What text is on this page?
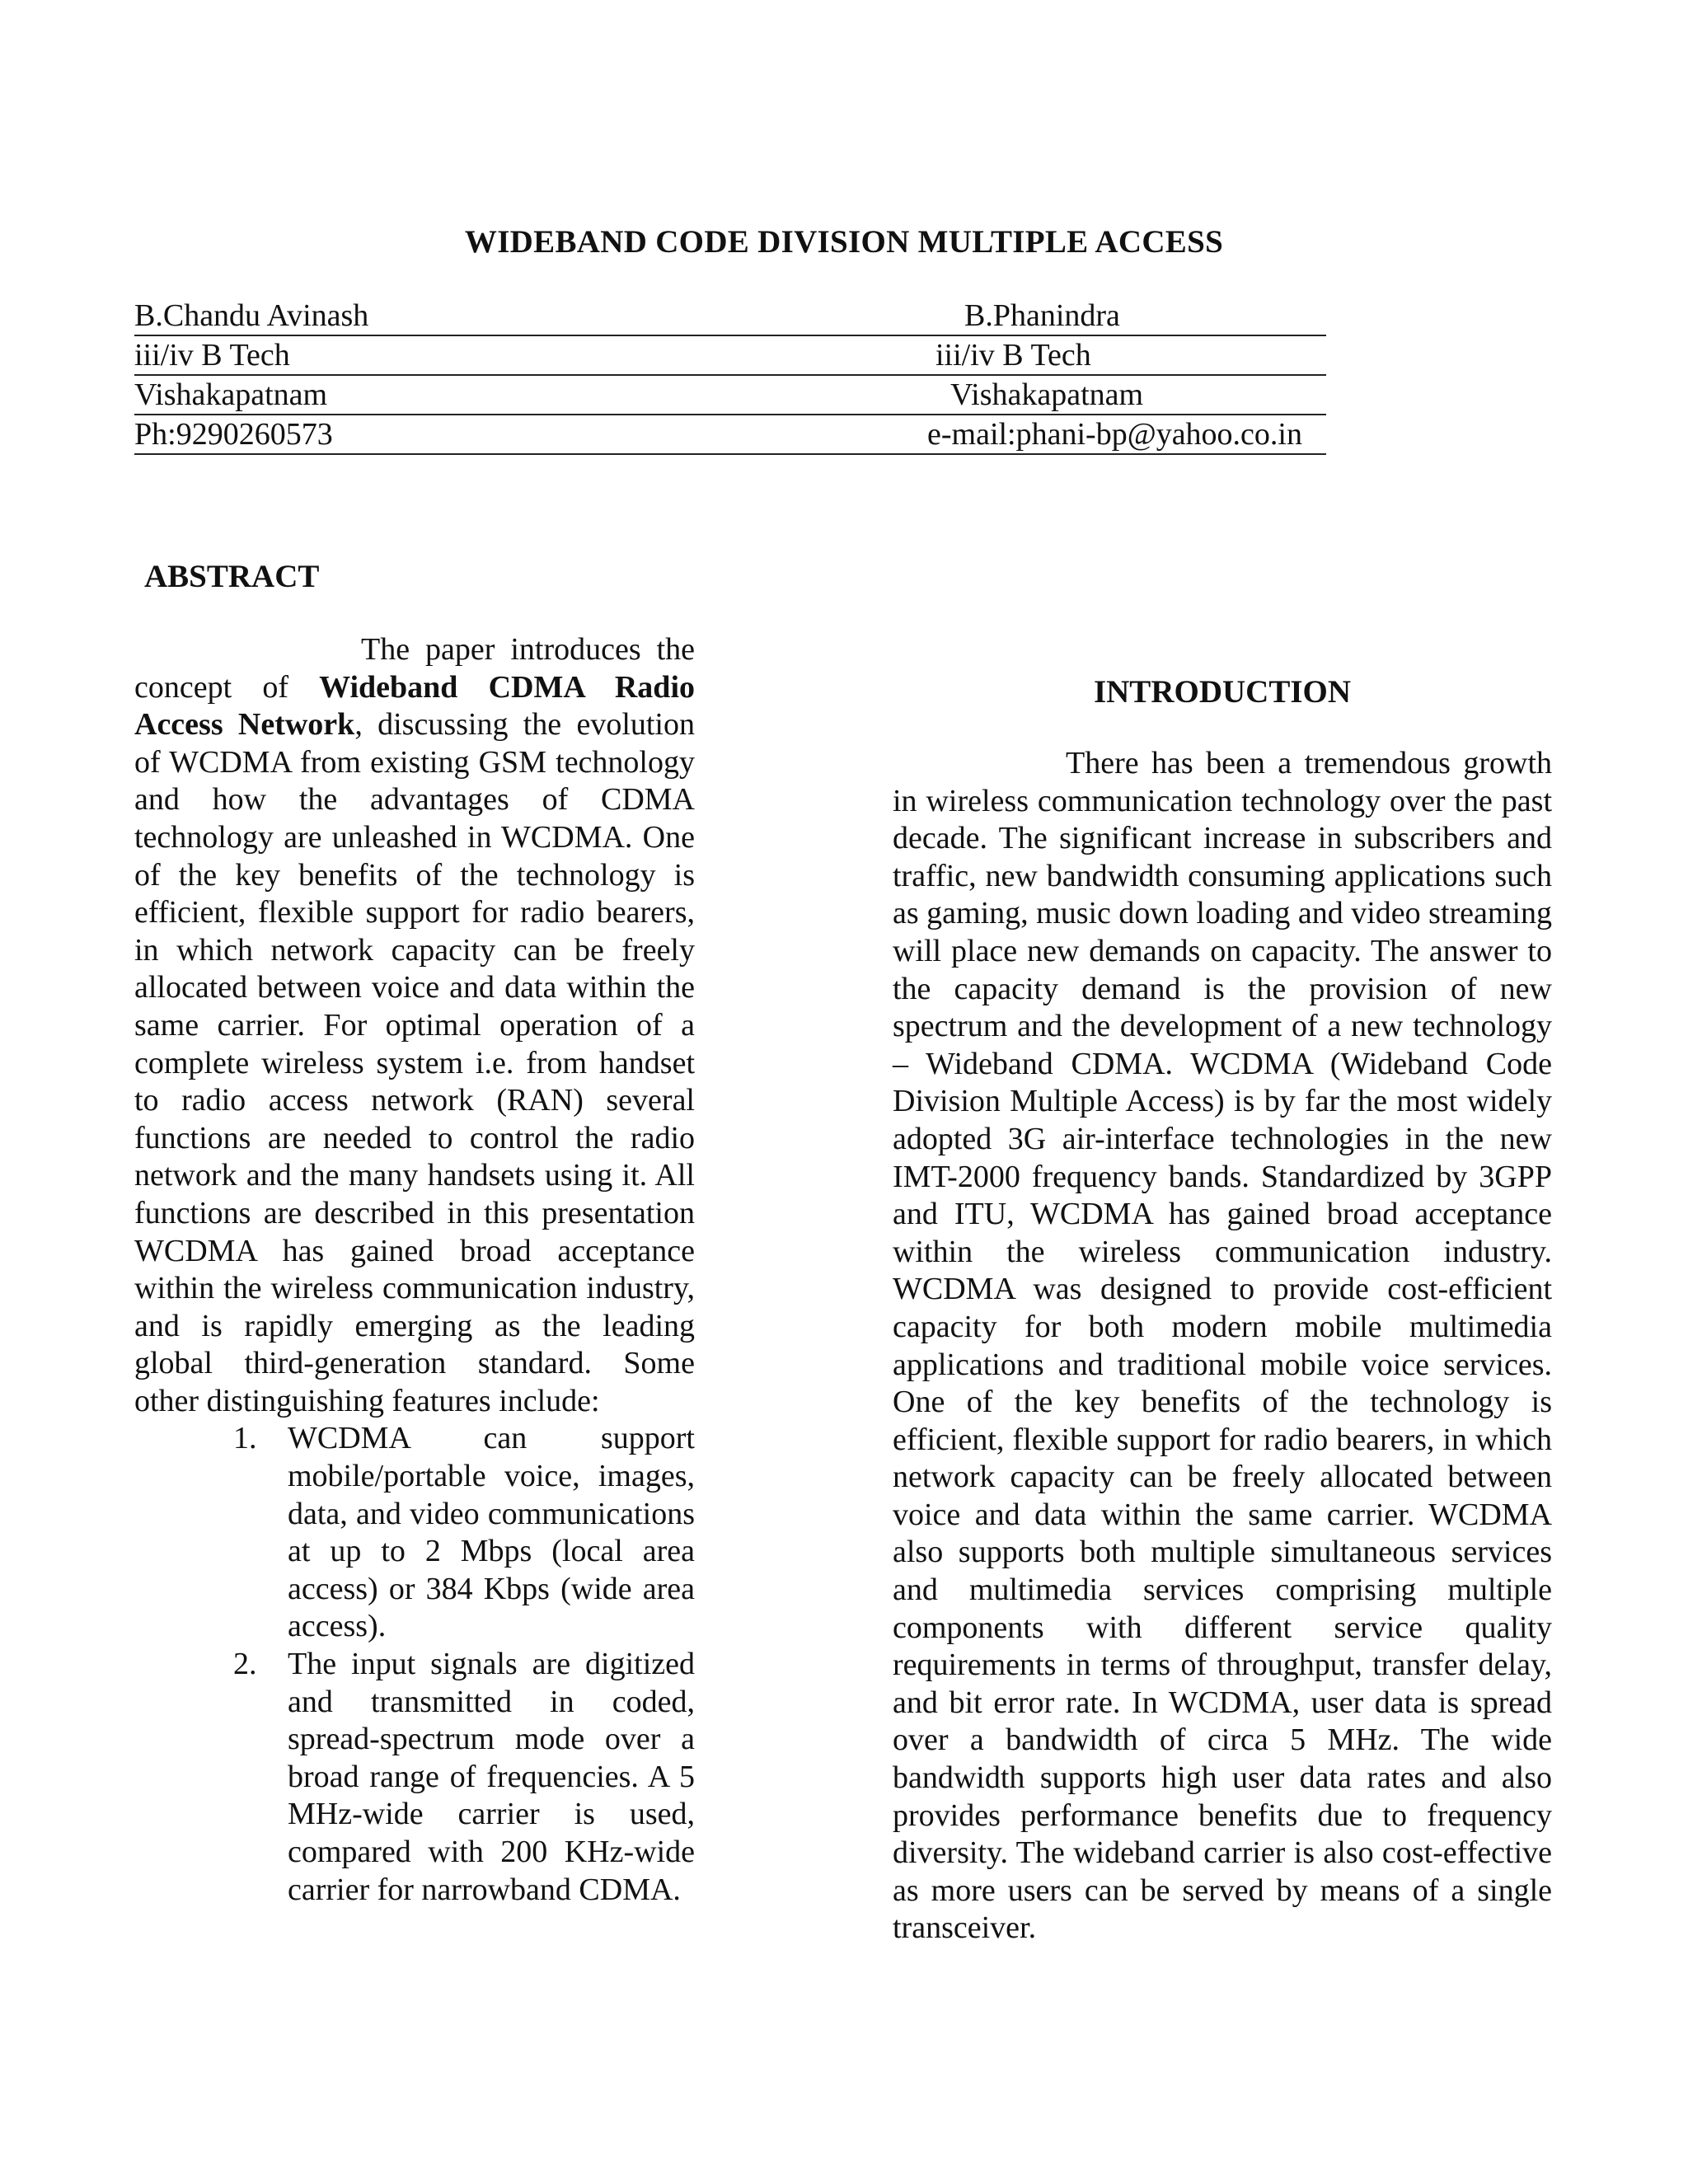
WIDEBAND CODE DIVISION MULTIPLE ACCESS
B.Chandu Avinash	B.Phanindra
iii/iv B Tech	iii/iv B Tech
Vishakapatnam	Vishakapatnam
Ph:9290260573	e-mail:phani-bp@yahoo.co.in
ABSTRACT

The paper introduces the concept of Wideband CDMA Radio Access Network, discussing the evolution of WCDMA from existing GSM technology and how the advantages of CDMA technology are unleashed in WCDMA. One of the key benefits of the technology is efficient, flexible support for radio bearers, in which network capacity can be freely allocated between voice and data within the same carrier. For optimal operation of a complete wireless system i.e. from handset to radio access network (RAN) several functions are needed to control the radio network and the many handsets using it. All functions are described in this presentation WCDMA has gained broad acceptance within the wireless communication industry, and is rapidly emerging as the leading global third-generation standard. Some other distinguishing features include:

1. WCDMA can support mobile/portable voice, images, data, and video communications at up to 2 Mbps (local area access) or 384 Kbps (wide area access).
2. The input signals are digitized and transmitted in coded, spread-spectrum mode over a broad range of frequencies. A 5 MHz-wide carrier is used, compared with 200 KHz-wide carrier for narrowband CDMA.
INTRODUCTION

There has been a tremendous growth in wireless communication technology over the past decade. The significant increase in subscribers and traffic, new bandwidth consuming applications such as gaming, music down loading and video streaming will place new demands on capacity. The answer to the capacity demand is the provision of new spectrum and the development of a new technology – Wideband CDMA. WCDMA (Wideband Code Division Multiple Access) is by far the most widely adopted 3G air-interface technologies in the new IMT-2000 frequency bands. Standardized by 3GPP and ITU, WCDMA has gained broad acceptance within the wireless communication industry. WCDMA was designed to provide cost-efficient capacity for both modern mobile multimedia applications and traditional mobile voice services. One of the key benefits of the technology is efficient, flexible support for radio bearers, in which network capacity can be freely allocated between voice and data within the same carrier. WCDMA also supports both multiple simultaneous services and multimedia services comprising multiple components with different service quality requirements in terms of throughput, transfer delay, and bit error rate. In WCDMA, user data is spread over a bandwidth of circa 5 MHz. The wide bandwidth supports high user data rates and also provides performance benefits due to frequency diversity. The wideband carrier is also cost-effective as more users can be served by means of a single transceiver.
